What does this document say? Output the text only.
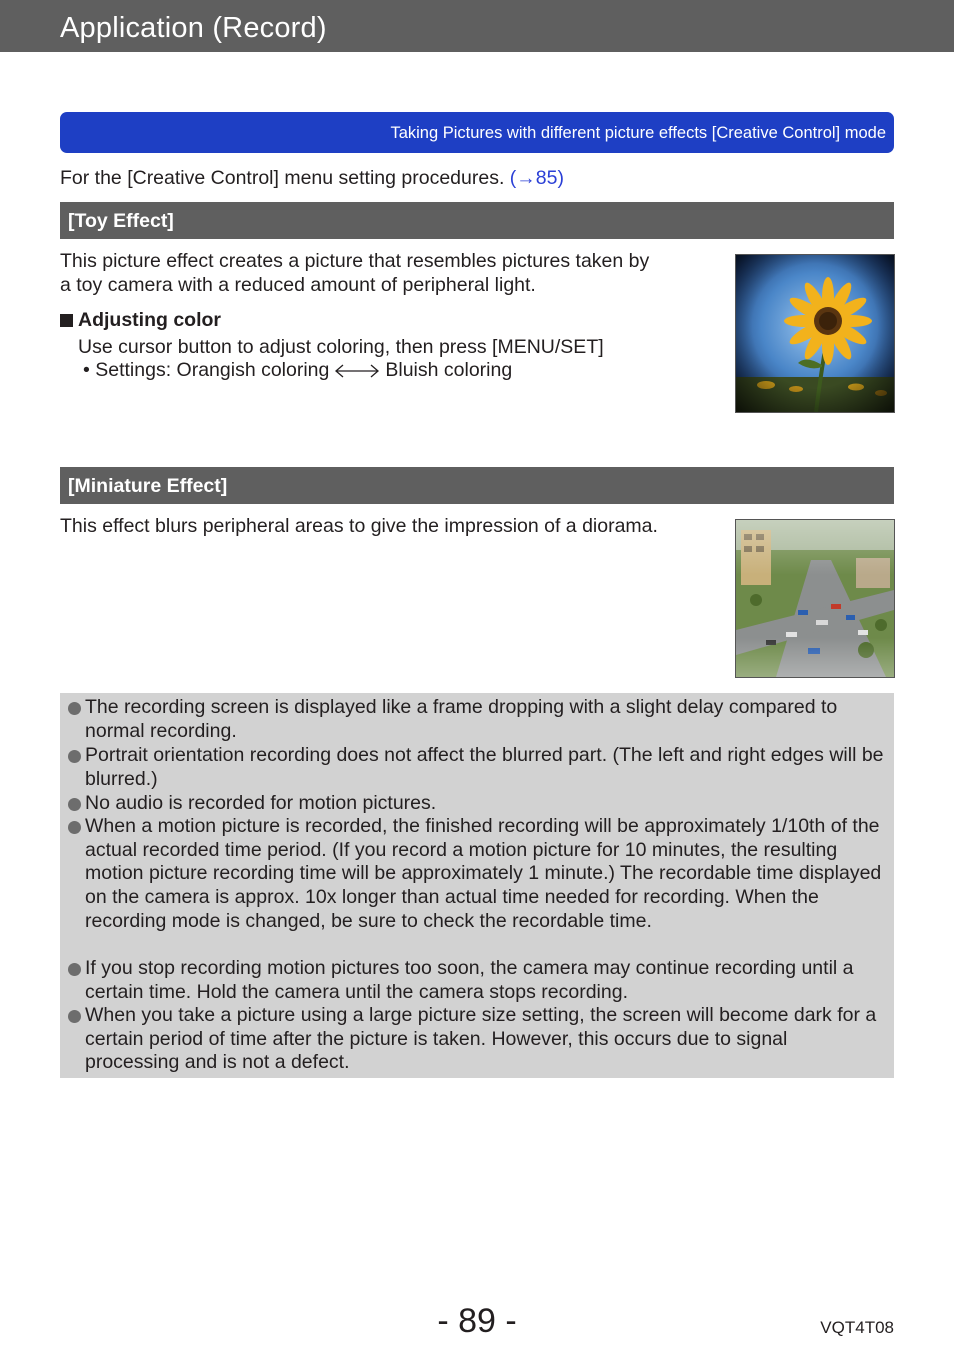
Application (Record)
Taking Pictures with different picture effects [Creative Control] mode
For the [Creative Control] menu setting procedures. (→85)
[Toy Effect]
This picture effect creates a picture that resembles pictures taken by
a toy camera with a reduced amount of peripheral light.
Adjusting color
Use cursor button to adjust coloring, then press [MENU/SET]
• Settings: Orangish coloring	Bluish coloring
[Miniature Effect]
This effect blurs peripheral areas to give the impression of a diorama.
The recording screen is displayed like a frame dropping with a slight delay compared to normal recording.
Portrait orientation recording does not affect the blurred part. (The left and right edges will be blurred.)
No audio is recorded for motion pictures.
When a motion picture is recorded, the finished recording will be approximately 1/10th of the actual recorded time period. (If you record a motion picture for 10 minutes, the resulting motion picture recording time will be approximately 1 minute.) The recordable time displayed on the camera is approx. 10x longer than actual time needed for recording. When the recording mode is changed, be sure to check the recordable time.
If you stop recording motion pictures too soon, the camera may continue recording until a certain time. Hold the camera until the camera stops recording.
When you take a picture using a large picture size setting, the screen will become dark for a certain period of time after the picture is taken. However, this occurs due to signal processing and is not a defect.
- 89 -	VQT4T08
